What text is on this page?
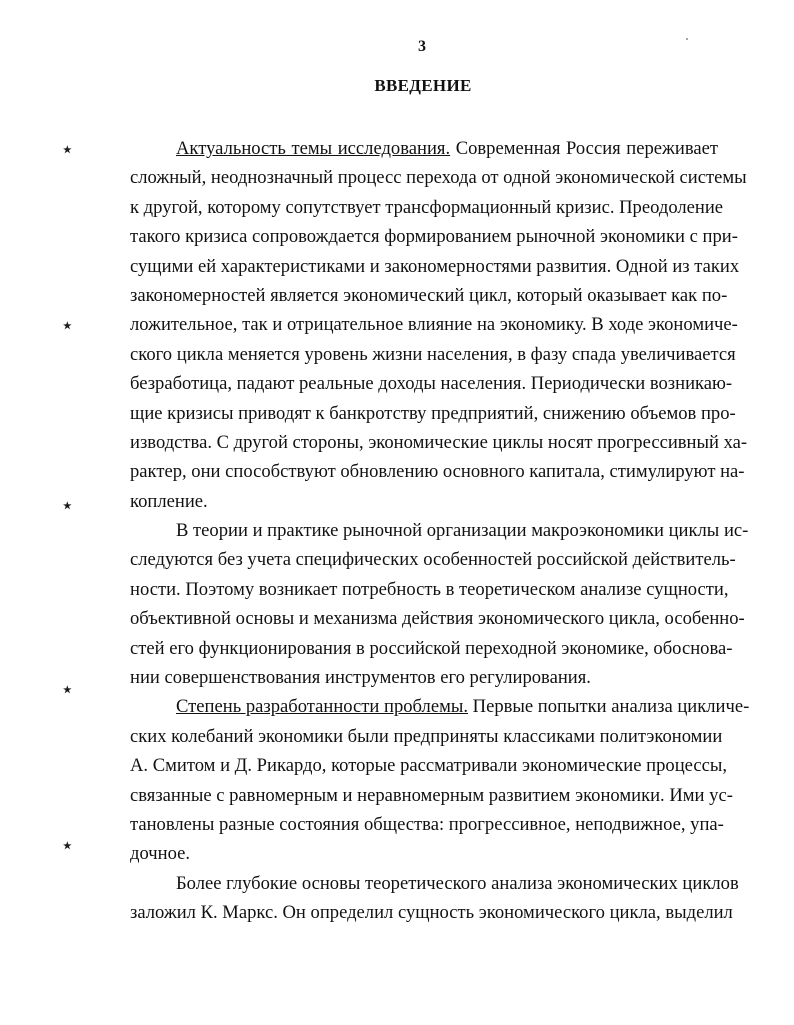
3
ВВЕДЕНИЕ
Актуальность темы исследования. Современная Россия переживает
сложный, неоднозначный процесс перехода от одной экономической системы
к другой, которому сопутствует трансформационный кризис. Преодоление
такого кризиса сопровождается формированием рыночной экономики с при-
сущими ей характеристиками и закономерностями развития. Одной из таких
закономерностей является экономический цикл, который оказывает как по-
ложительное, так и отрицательное влияние на экономику. В ходе экономиче-
ского цикла меняется уровень жизни населения, в фазу спада увеличивается
безработица, падают реальные доходы населения. Периодически возникаю-
щие кризисы приводят к банкротству предприятий, снижению объемов про-
изводства. С другой стороны, экономические циклы носят прогрессивный ха-
рактер, они способствуют обновлению основного капитала, стимулируют на-
копление.
В теории и практике рыночной организации макроэкономики циклы ис-
следуются без учета специфических особенностей российской действитель-
ности. Поэтому возникает потребность в теоретическом анализе сущности,
объективной основы и механизма действия экономического цикла, особенно-
стей его функционирования в российской переходной экономике, обоснова-
нии совершенствования инструментов его регулирования.
Степень разработанности проблемы. Первые попытки анализа цикличе-
ских колебаний экономики были предприняты классиками политэкономии
А. Смитом и Д. Рикардо, которые рассматривали экономические процессы,
связанные с равномерным и неравномерным развитием экономики. Ими ус-
тановлены разные состояния общества: прогрессивное, неподвижное, упа-
дочное.
Более глубокие основы теоретического анализа экономических циклов
заложил К. Маркс. Он определил сущность экономического цикла, выделил
⋆
⋆
⋆
⋆
⋆
